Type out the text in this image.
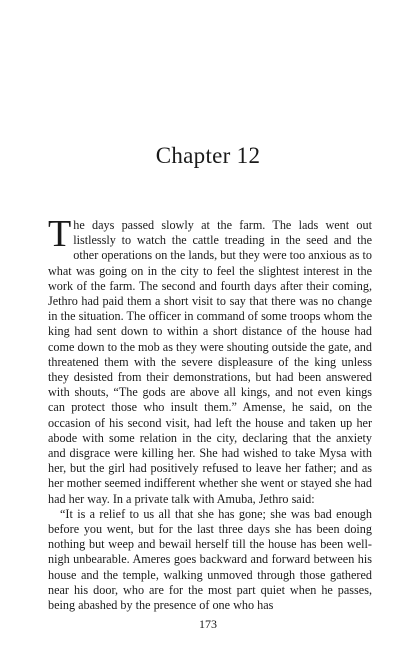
Chapter 12

The days passed slowly at the farm. The lads went out listlessly to watch the cattle treading in the seed and the other operations on the lands, but they were too anxious as to what was going on in the city to feel the slightest interest in the work of the farm. The second and fourth days after their coming, Jethro had paid them a short visit to say that there was no change in the situation. The officer in command of some troops whom the king had sent down to within a short distance of the house had come down to the mob as they were shouting outside the gate, and threatened them with the severe displeasure of the king unless they desisted from their demonstrations, but had been answered with shouts, “The gods are above all kings, and not even kings can protect those who insult them.” Amense, he said, on the occasion of his second visit, had left the house and taken up her abode with some relation in the city, declaring that the anxiety and disgrace were killing her. She had wished to take Mysa with her, but the girl had positively refused to leave her father; and as her mother seemed indifferent whether she went or stayed she had had her way. In a private talk with Amuba, Jethro said:

“It is a relief to us all that she has gone; she was bad enough before you went, but for the last three days she has been doing nothing but weep and bewail herself till the house has been well-nigh unbearable. Ameres goes backward and forward between his house and the temple, walking unmoved through those gathered near his door, who are for the most part quiet when he passes, being abashed by the presence of one who has

173
